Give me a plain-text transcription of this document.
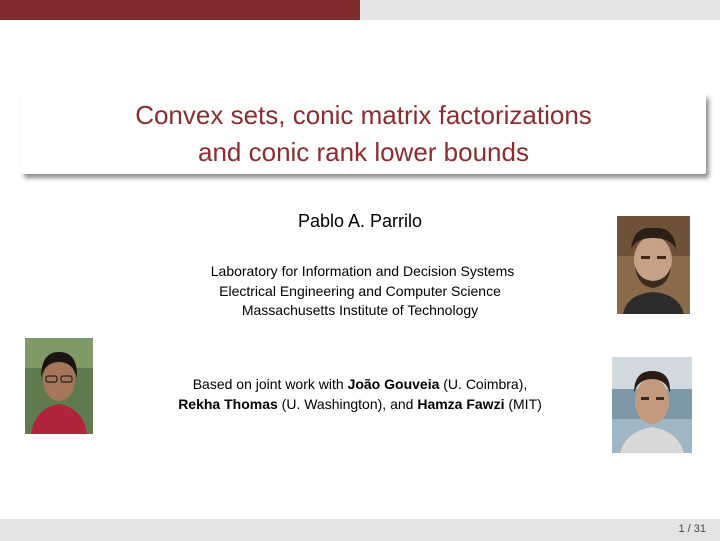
Convex sets, conic matrix factorizations
and conic rank lower bounds
Pablo A. Parrilo
Laboratory for Information and Decision Systems
Electrical Engineering and Computer Science
Massachusetts Institute of Technology
Based on joint work with João Gouveia (U. Coimbra),
Rekha Thomas (U. Washington), and Hamza Fawzi (MIT)
1 / 31
